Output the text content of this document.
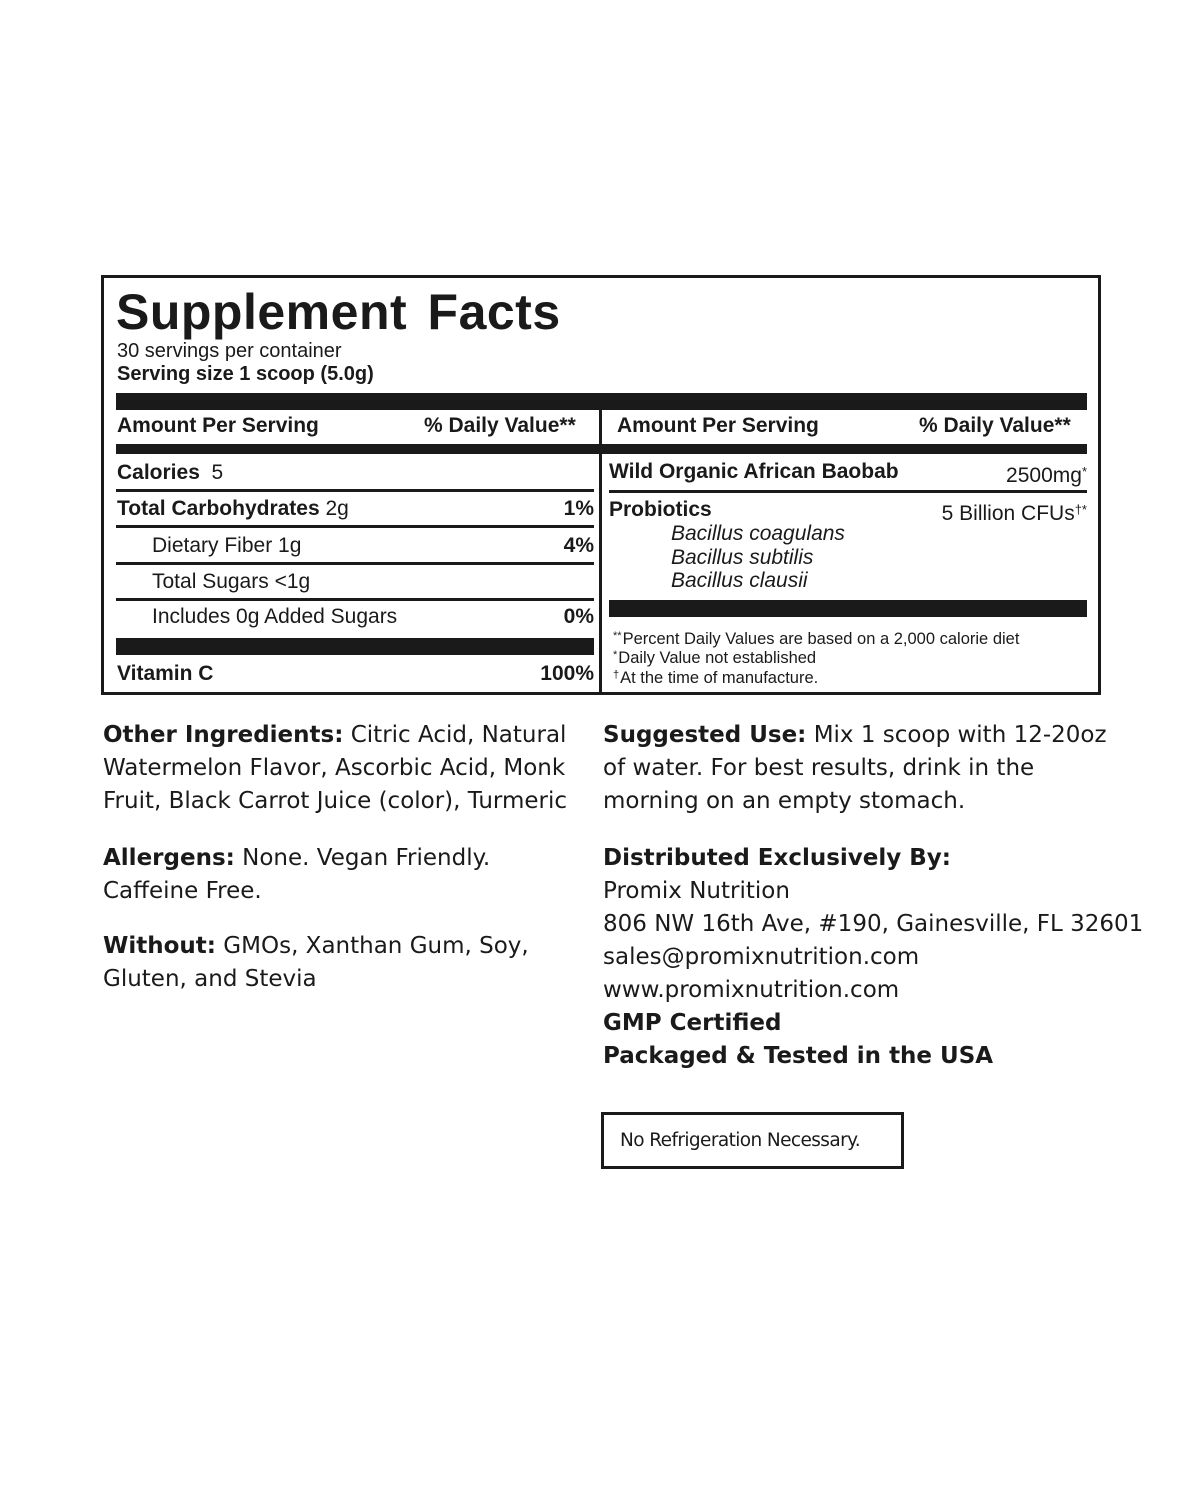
Supplement Facts
30 servings per container
Serving size 1 scoop (5.0g)
Amount Per Serving	% Daily Value** Amount Per Serving	% Daily Value**
Calories 5
Total Carbohydrates 2g	1%
Dietary Fiber 1g	4%
Total Sugars <1g
Includes 0g Added Sugars	0%
Vitamin C	100%
Wild Organic African Baobab	2500mg*
Probiotics	5 Billion CFUs†*
Bacillus coagulans
Bacillus subtilis
Bacillus clausii
**Percent Daily Values are based on a 2,000 calorie diet
*Daily Value not established
†At the time of manufacture.
Other Ingredients: Citric Acid, Natural
Watermelon Flavor, Ascorbic Acid, Monk
Fruit, Black Carrot Juice (color), Turmeric
Allergens: None. Vegan Friendly.
Caffeine Free.
Without: GMOs, Xanthan Gum, Soy,
Gluten, and Stevia
Suggested Use: Mix 1 scoop with 12-20oz
of water. For best results, drink in the
morning on an empty stomach.
Distributed Exclusively By:
Promix Nutrition
806 NW 16th Ave, #190, Gainesville, FL 32601
sales@promixnutrition.com
www.promixnutrition.com
GMP Certified
Packaged & Tested in the USA
No Refrigeration Necessary.
